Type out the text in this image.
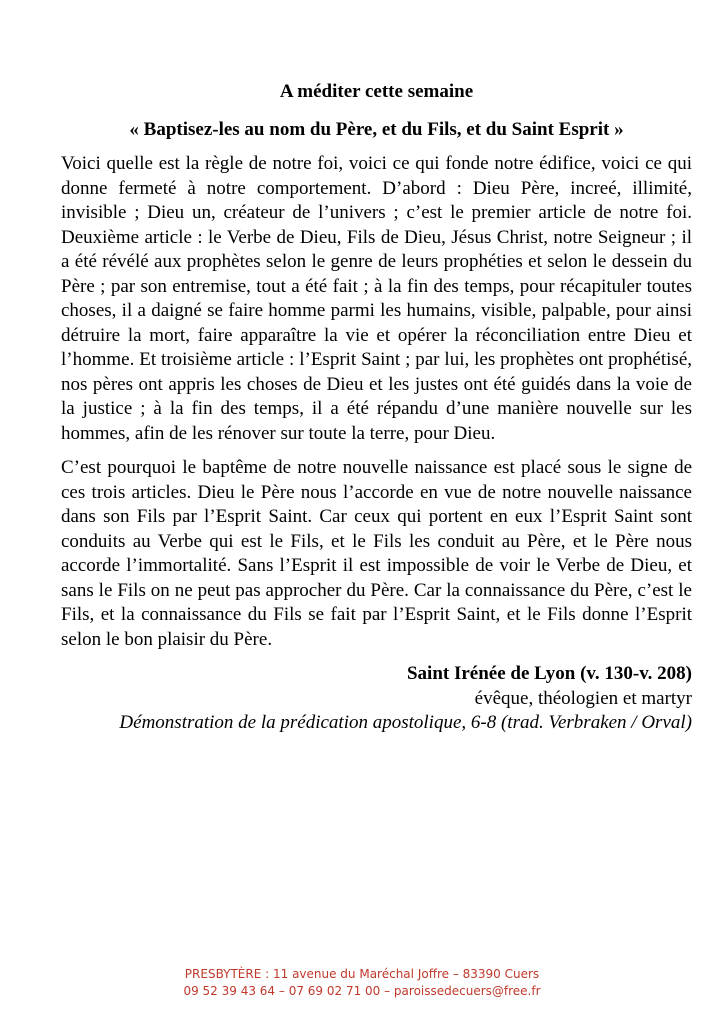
A méditer cette semaine
« Baptisez-les au nom du Père, et du Fils, et du Saint Esprit »

Voici quelle est la règle de notre foi, voici ce qui fonde notre édifice, voici ce qui donne fermeté à notre comportement. D’abord : Dieu Père, increé, illimité, invisible ; Dieu un, créateur de l’univers ; c’est le premier article de notre foi. Deuxième article : le Verbe de Dieu, Fils de Dieu, Jésus Christ, notre Seigneur ; il a été révélé aux prophètes selon le genre de leurs prophéties et selon le dessein du Père ; par son entremise, tout a été fait ; à la fin des temps, pour récapituler toutes choses, il a daigné se faire homme parmi les humains, visible, palpable, pour ainsi détruire la mort, faire apparaître la vie et opérer la réconciliation entre Dieu et l’homme. Et troisième article : l’Esprit Saint ; par lui, les prophètes ont prophétisé, nos pères ont appris les choses de Dieu et les justes ont été guidés dans la voie de la justice ; à la fin des temps, il a été répandu d’une manière nouvelle sur les hommes, afin de les rénover sur toute la terre, pour Dieu.

C’est pourquoi le baptême de notre nouvelle naissance est placé sous le signe de ces trois articles. Dieu le Père nous l’accorde en vue de notre nouvelle naissance dans son Fils par l’Esprit Saint. Car ceux qui portent en eux l’Esprit Saint sont conduits au Verbe qui est le Fils, et le Fils les conduit au Père, et le Père nous accorde l’immortalité. Sans l’Esprit il est impossible de voir le Verbe de Dieu, et sans le Fils on ne peut pas approcher du Père. Car la connaissance du Père, c’est le Fils, et la connaissance du Fils se fait par l’Esprit Saint, et le Fils donne l’Esprit selon le bon plaisir du Père.

Saint Irénée de Lyon (v. 130-v. 208)

évêque, théologien et martyr

Démonstration de la prédication apostolique, 6-8 (trad. Verbraken / Orval)

PRESBYTÈRE : 11 avenue du Maréchal Joffre – 83390 Cuers
09 52 39 43 64 – 07 69 02 71 00 – paroissedecuers@free.fr
